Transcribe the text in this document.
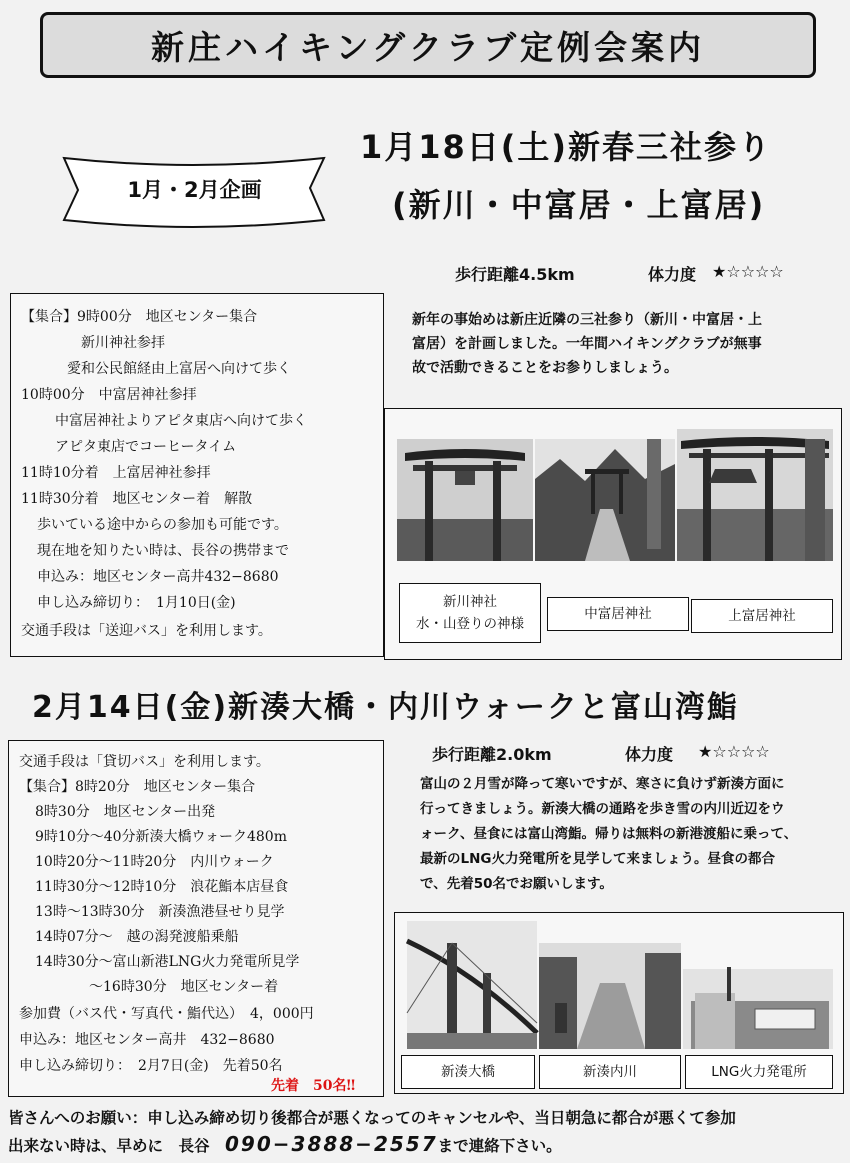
新庄ハイキングクラブ定例会案内
1月・2月企画
1月18日(土)新春三社参り
(新川・中富居・上富居)
歩行距離4.5km	体力度 ★☆☆☆☆
【集合】9時00分　地区センター集合
新川神社参拝
愛和公民館経由上富居へ向けて歩く
10時00分　中富居神社参拝
中富居神社よりアピタ東店へ向けて歩く
アピタ東店でコーヒータイム
11時10分着　上富居神社参拝
11時30分着　地区センター着　解散
歩いている途中からの参加も可能です。
現在地を知りたい時は、長谷の携帯まで
申込み：地区センター高井432−8680
申し込み締切り：　1月10日(金)
交通手段は「送迎バス」を利用します。
新年の事始めは新庄近隣の三社参り（新川・中富居・上
富居）を計画しました。一年間ハイキングクラブが無事
故で活動できることをお参りしましょう。
新川神社
水・山登りの神様
中富居神社	上富居神社
2月14日(金)新湊大橋・内川ウォークと富山湾鮨
歩行距離2.0km	体力度 ★☆☆☆☆
交通手段は「貸切バス」を利用します。
【集合】8時20分　地区センター集合
8時30分　地区センター出発
9時10分〜40分新湊大橋ウォーク480m
10時20分〜11時20分　内川ウォーク
11時30分〜12時10分　浪花鮨本店昼食
13時〜13時30分　新湊漁港昼せり見学
14時07分〜　越の潟発渡船乗船
14時30分〜富山新港LNG火力発電所見学
〜16時30分　地区センター着
参加費（バス代・写真代・鮨代込）　4，000円
申込み：地区センター高井　432−8680
申し込み締切り：　2月7日(金)　先着50名
先着　50名‼
富山の２月雪が降って寒いですが、寒さに負けず新湊方面に
行ってきましょう。新湊大橋の通路を歩き雪の内川近辺をウ
ォーク、昼食には富山湾鮨。帰りは無料の新港渡船に乗って、
最新のLNG火力発電所を見学して来ましょう。昼食の都合
で、先着50名でお願いします。
新湊大橋	新湊内川	LNG火力発電所
皆さんへのお願い：申し込み締め切り後都合が悪くなってのキャンセルや、当日朝急に都合が悪くて参加
出来ない時は、早めに　長谷　090−3888−2557まで連絡下さい。
